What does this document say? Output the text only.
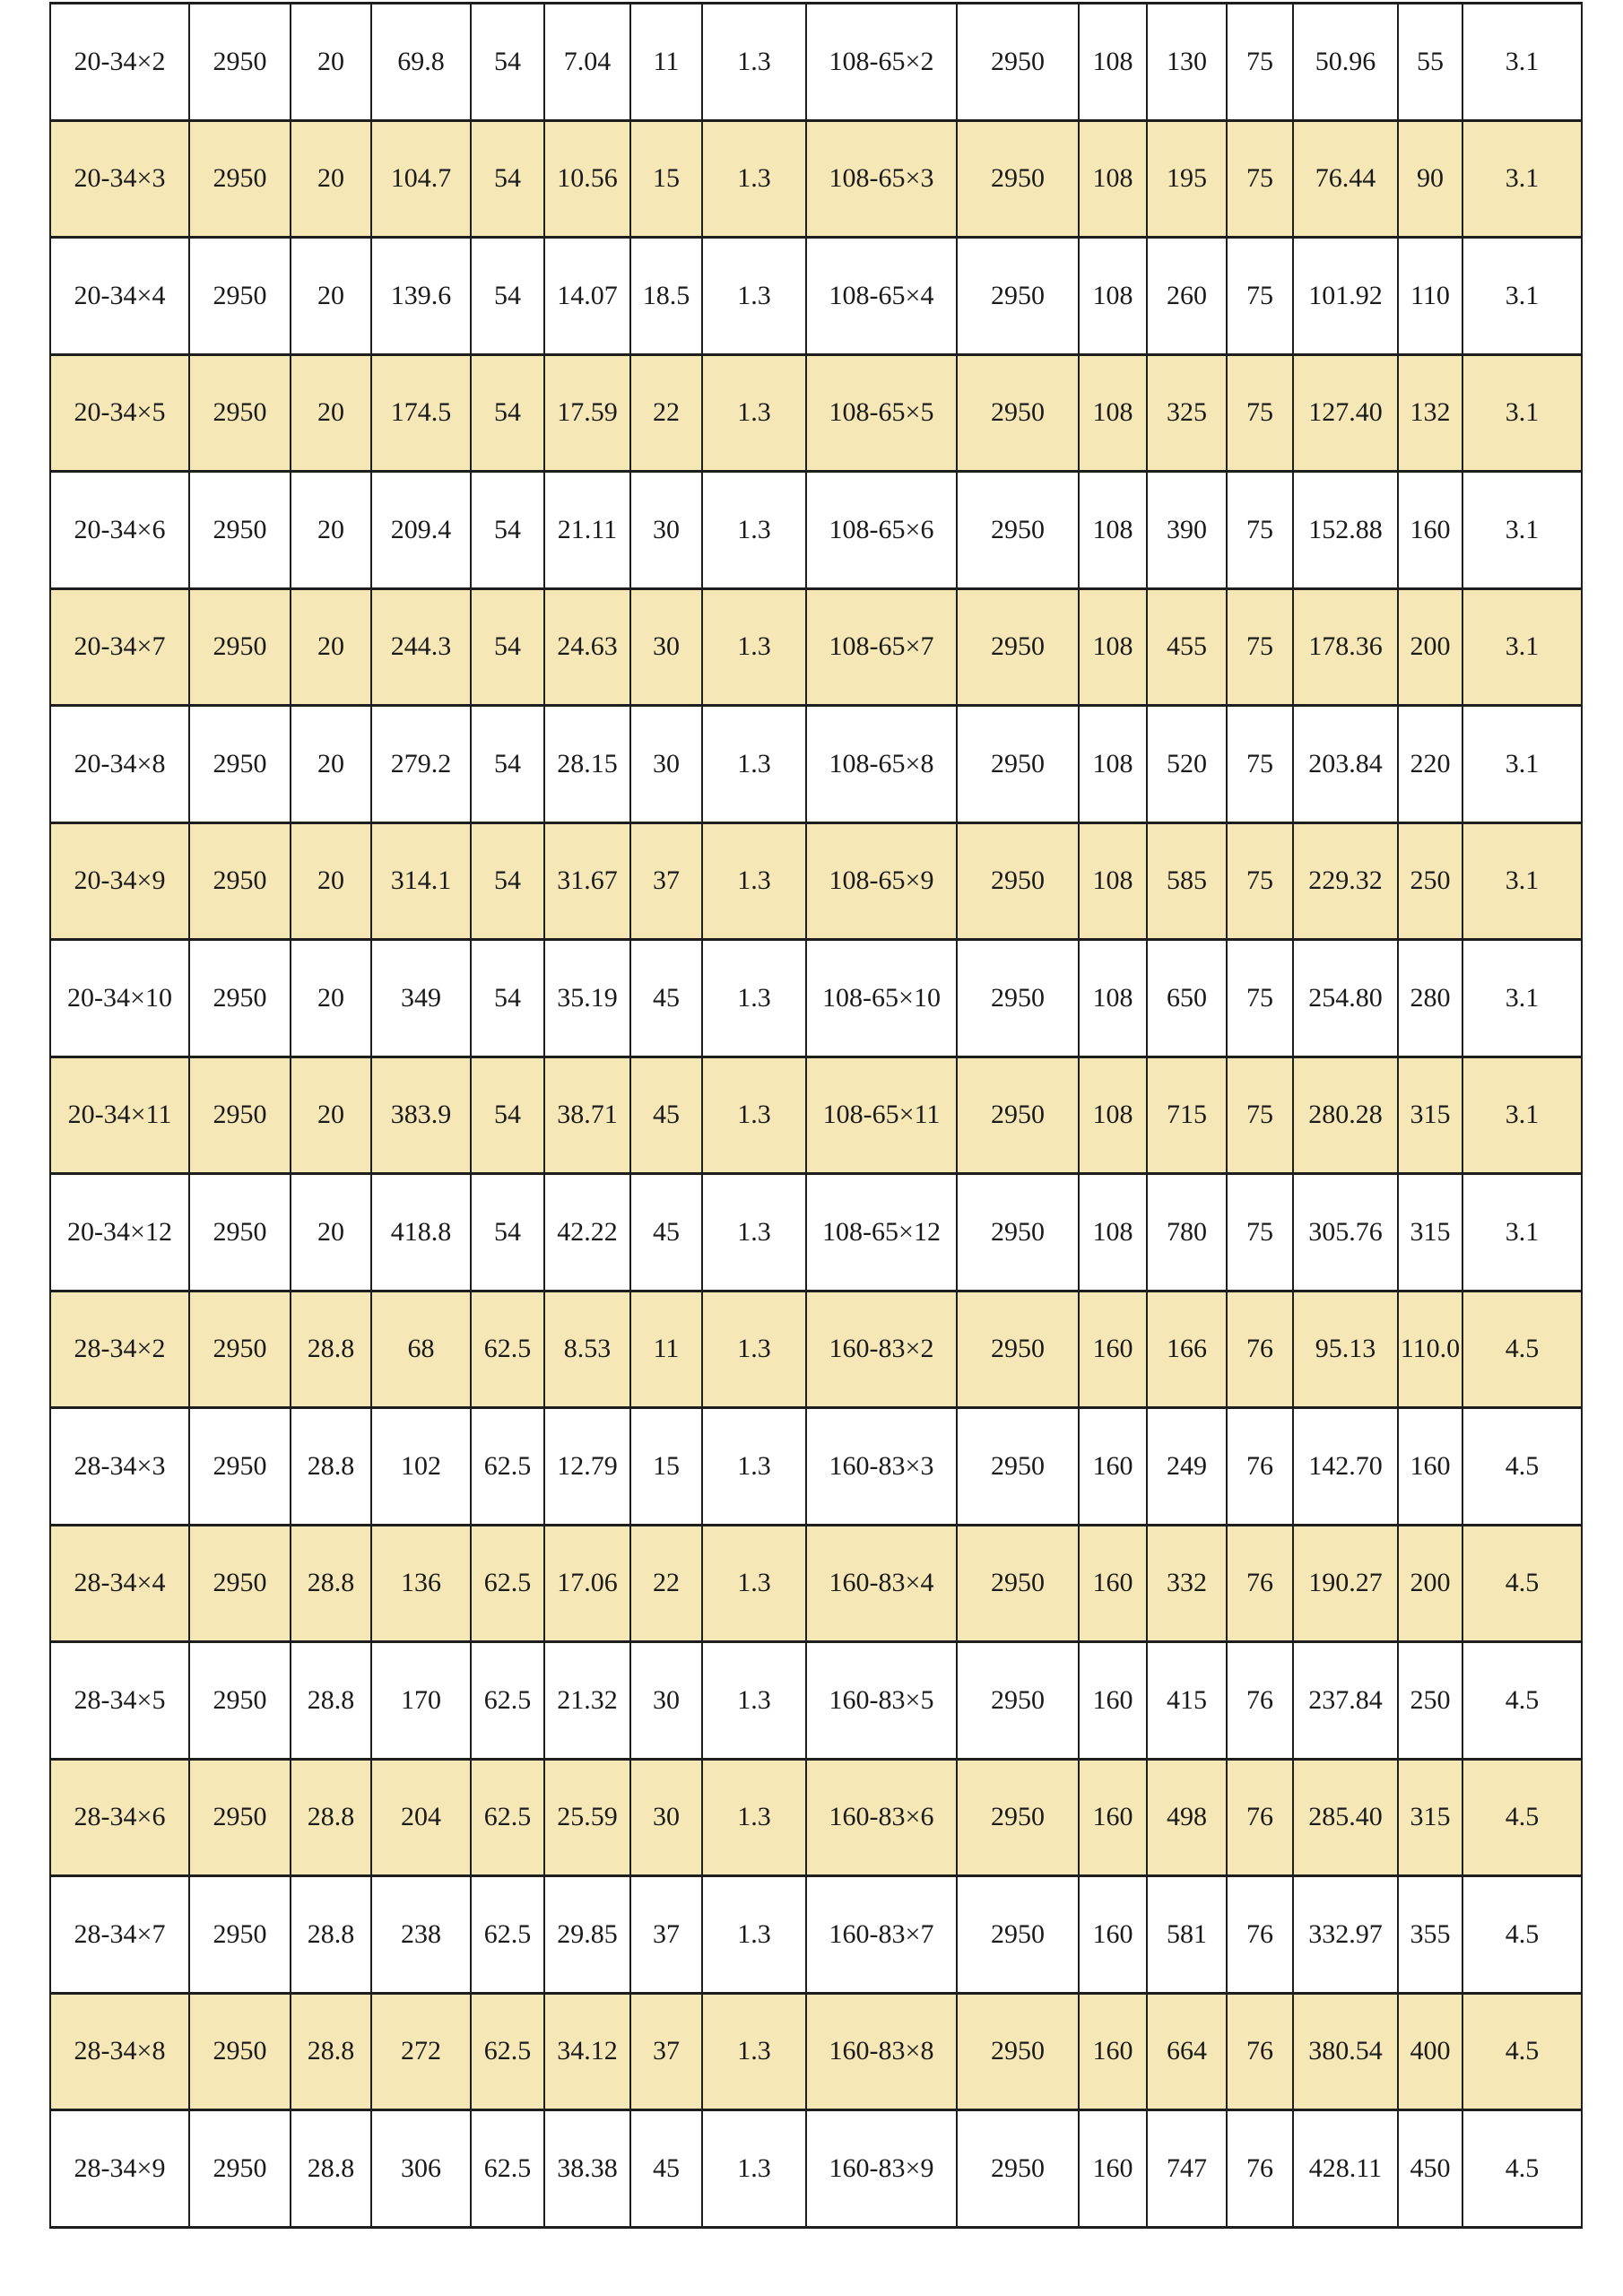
20-34×2	2950	20	69.8	54	7.04	11	1.3	108-65×2	2950	108	130	75	50.96	55	3.1
20-34×3	2950	20	104.7	54	10.56	15	1.3	108-65×3	2950	108	195	75	76.44	90	3.1
20-34×4	2950	20	139.6	54	14.07	18.5	1.3	108-65×4	2950	108	260	75	101.92	110	3.1
20-34×5	2950	20	174.5	54	17.59	22	1.3	108-65×5	2950	108	325	75	127.40	132	3.1
20-34×6	2950	20	209.4	54	21.11	30	1.3	108-65×6	2950	108	390	75	152.88	160	3.1
20-34×7	2950	20	244.3	54	24.63	30	1.3	108-65×7	2950	108	455	75	178.36	200	3.1
20-34×8	2950	20	279.2	54	28.15	30	1.3	108-65×8	2950	108	520	75	203.84	220	3.1
20-34×9	2950	20	314.1	54	31.67	37	1.3	108-65×9	2950	108	585	75	229.32	250	3.1
20-34×10	2950	20	349	54	35.19	45	1.3	108-65×10	2950	108	650	75	254.80	280	3.1
20-34×11	2950	20	383.9	54	38.71	45	1.3	108-65×11	2950	108	715	75	280.28	315	3.1
20-34×12	2950	20	418.8	54	42.22	45	1.3	108-65×12	2950	108	780	75	305.76	315	3.1
28-34×2	2950	28.8	68	62.5	8.53	11	1.3	160-83×2	2950	160	166	76	95.13	110.0	4.5
28-34×3	2950	28.8	102	62.5	12.79	15	1.3	160-83×3	2950	160	249	76	142.70	160	4.5
28-34×4	2950	28.8	136	62.5	17.06	22	1.3	160-83×4	2950	160	332	76	190.27	200	4.5
28-34×5	2950	28.8	170	62.5	21.32	30	1.3	160-83×5	2950	160	415	76	237.84	250	4.5
28-34×6	2950	28.8	204	62.5	25.59	30	1.3	160-83×6	2950	160	498	76	285.40	315	4.5
28-34×7	2950	28.8	238	62.5	29.85	37	1.3	160-83×7	2950	160	581	76	332.97	355	4.5
28-34×8	2950	28.8	272	62.5	34.12	37	1.3	160-83×8	2950	160	664	76	380.54	400	4.5
28-34×9	2950	28.8	306	62.5	38.38	45	1.3	160-83×9	2950	160	747	76	428.11	450	4.5
